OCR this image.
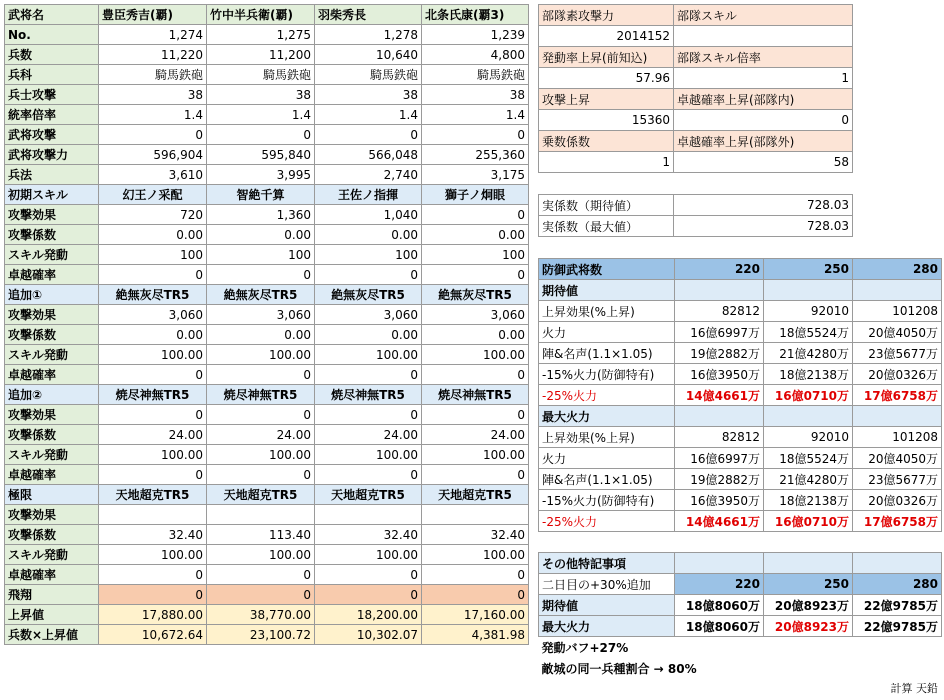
武将名	豊臣秀吉(覇)	竹中半兵衛(覇)	羽柴秀長	北条氏康(覇3)
No.	1,274	1,275	1,278	1,239
兵数	11,220	11,200	10,640	4,800
兵科	騎馬鉄砲	騎馬鉄砲	騎馬鉄砲	騎馬鉄砲
兵士攻撃	38	38	38	38
統率倍率	1.4	1.4	1.4	1.4
武将攻撃	0	0	0	0
武将攻撃力	596,904	595,840	566,048	255,360
兵法	3,610	3,995	2,740	3,175
初期スキル	幻王ノ采配	智絶千算	王佐ノ指揮	獅子ノ炯眼
攻撃効果	720	1,360	1,040	0
攻撃係数	0.00	0.00	0.00	0.00
スキル発動	100	100	100	100
卓越確率	0	0	0	0
追加①	絶無灰尽TR5	絶無灰尽TR5	絶無灰尽TR5	絶無灰尽TR5
攻撃効果	3,060	3,060	3,060	3,060
攻撃係数	0.00	0.00	0.00	0.00
スキル発動	100.00	100.00	100.00	100.00
卓越確率	0	0	0	0
追加②	焼尽神無TR5	焼尽神無TR5	焼尽神無TR5	焼尽神無TR5
攻撃効果	0	0	0	0
攻撃係数	24.00	24.00	24.00	24.00
スキル発動	100.00	100.00	100.00	100.00
卓越確率	0	0	0	0
極限	天地超克TR5	天地超克TR5	天地超克TR5	天地超克TR5
攻撃効果				
攻撃係数	32.40	113.40	32.40	32.40
スキル発動	100.00	100.00	100.00	100.00
卓越確率	0	0	0	0
飛翔	0	0	0	0
上昇値	17,880.00	38,770.00	18,200.00	17,160.00
兵数×上昇値	10,672.64	23,100.72	10,302.07	4,381.98
部隊素攻撃力	部隊スキル
2014152	
発動率上昇(前知込)	部隊スキル倍率
57.96	1
攻撃上昇	卓越確率上昇(部隊内)
15360	0
乗数係数	卓越確率上昇(部隊外)
1	58
実係数（期待値）	728.03
実係数（最大値）	728.03
防御武将数	220	250	280
期待値			
上昇効果(%上昇)	82812	92010	101208
火力	16億6997万	18億5524万	20億4050万
陣&名声(1.1×1.05)	19億2882万	21億4280万	23億5677万
-15%火力(防御特有)	16億3950万	18億2138万	20億0326万
-25%火力	14億4661万	16億0710万	17億6758万
最大火力			
上昇効果(%上昇)	82812	92010	101208
火力	16億6997万	18億5524万	20億4050万
陣&名声(1.1×1.05)	19億2882万	21億4280万	23億5677万
-15%火力(防御特有)	16億3950万	18億2138万	20億0326万
-25%火力	14億4661万	16億0710万	17億6758万
その他特記事項			
二日目の+30%追加	220	250	280
期待値	18億8060万	20億8923万	22億9785万
最大火力	18億8060万	20億8923万	22億9785万
発動バフ+27%			
敵城の同一兵種割合 → 80%			
計算 天鉛
